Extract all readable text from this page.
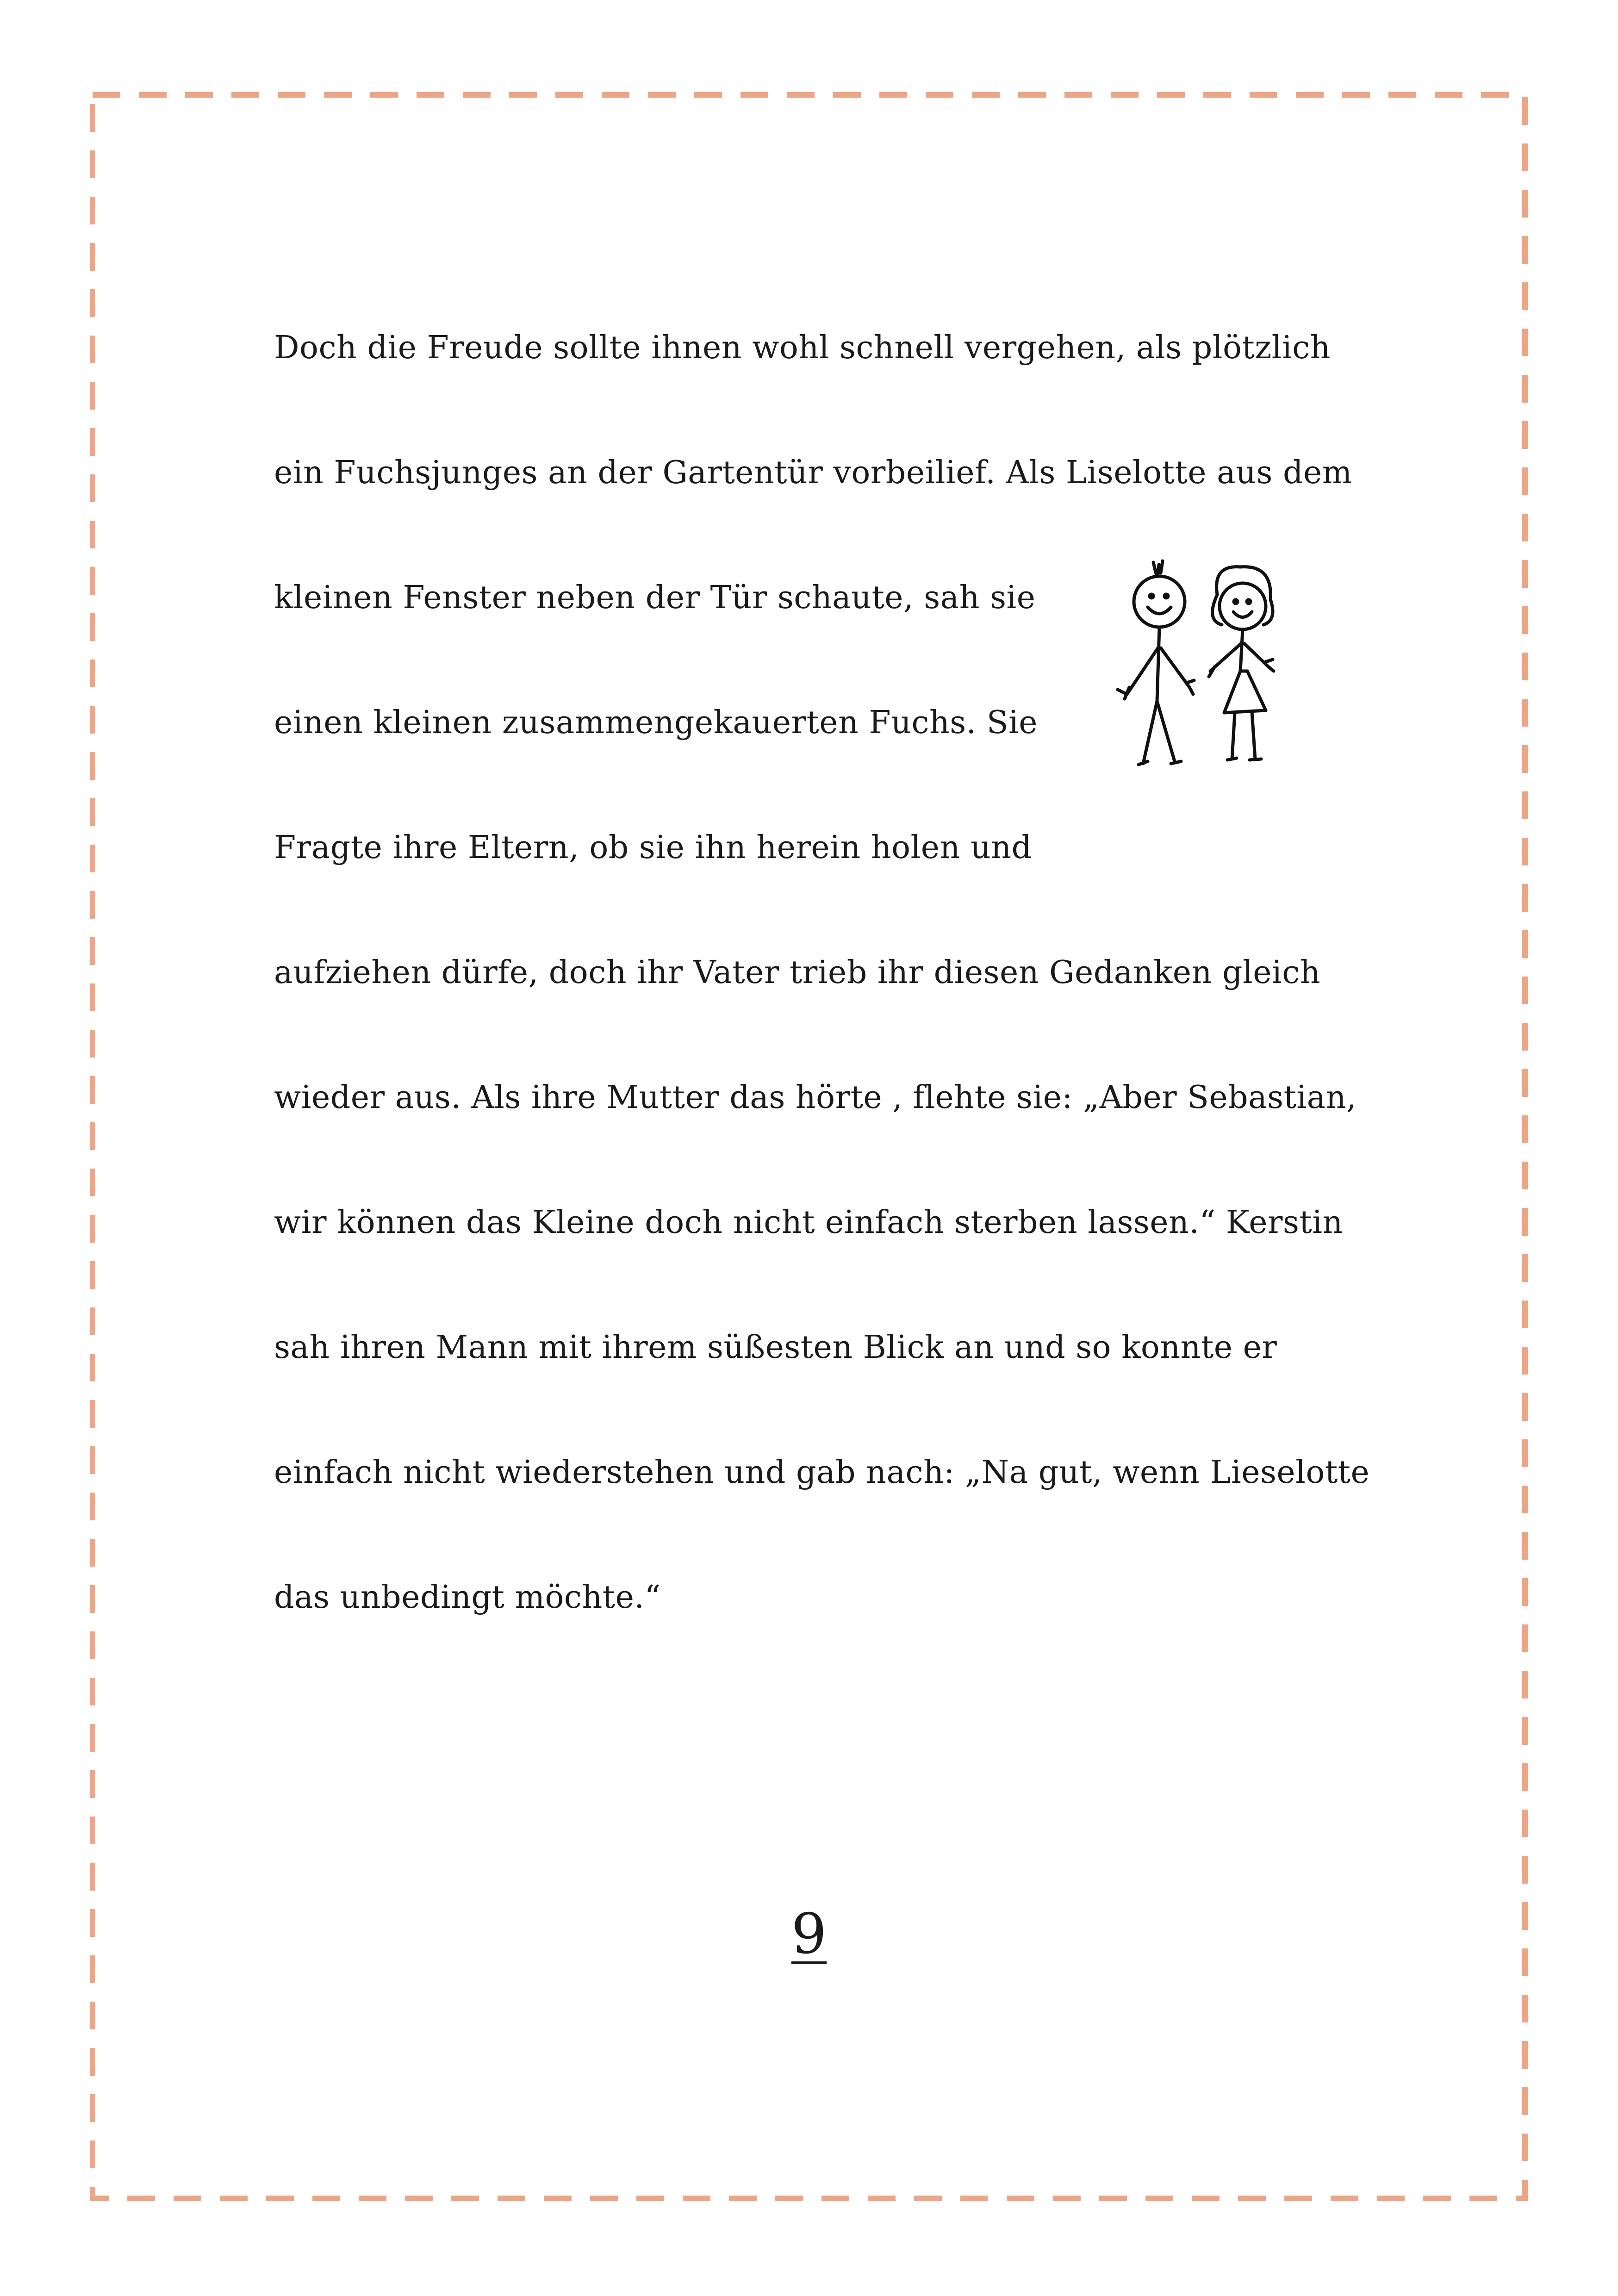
Doch die Freude sollte ihnen wohl schnell vergehen, als plötzlich
ein Fuchsjunges an der Gartentür vorbeilief. Als Liselotte aus dem
kleinen Fenster neben der Tür schaute, sah sie
einen kleinen zusammengekauerten Fuchs. Sie
Fragte ihre Eltern, ob sie ihn herein holen und
aufziehen dürfe, doch ihr Vater trieb ihr diesen Gedanken gleich
wieder aus. Als ihre Mutter das hörte , flehte sie: „Aber Sebastian,
wir können das Kleine doch nicht einfach sterben lassen.“ Kerstin
sah ihren Mann mit ihrem süßesten Blick an und so konnte er
einfach nicht wiederstehen und gab nach: „Na gut, wenn Lieselotte
das unbedingt möchte.“
9
